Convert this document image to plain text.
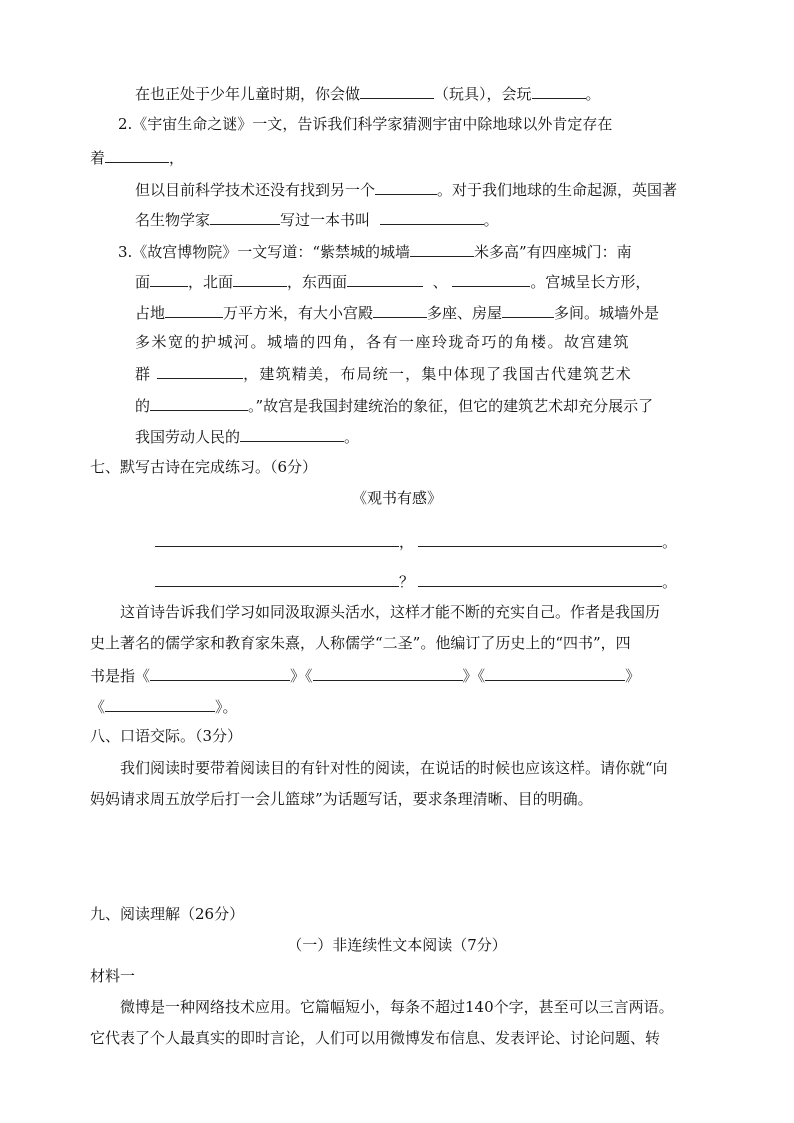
在也正处于少年儿童时期，你会做	（玩具），会玩	。
2.《宇宙生命之谜》一文，告诉我们科学家猜测宇宙中除地球以外肯定存在
着	，
但以目前科学技术还没有找到另一个	。对于我们地球的生命起源，英国著
名生物学家	写过一本书叫	。
3.《故宫博物院》一文写道：“紫禁城的城墙	米多高”有四座城门：南
面	，北面	，东西面	、	。宫城呈长方形，
占地	万平方米，有大小宫殿	多座、房屋	多间。城墙外是
多米宽的护城河。城墙的四角，各有一座玲珑奇巧的角楼。故宫建筑
群	，建筑精美，布局统一，集中体现了我国古代建筑艺术
的	。”故宫是我国封建统治的象征，但它的建筑艺术却充分展示了
我国劳动人民的	。
七、默写古诗在完成练习。（6分）
《观书有感》
，	。
？	。
这首诗告诉我们学习如同汲取源头活水，这样才能不断的充实自己。作者是我国历
史上著名的儒学家和教育家朱熹，人称儒学“二圣”。他编订了历史上的“四书”，四
书是指《	》《	》《	》
《	》。
八、口语交际。（3分）
我们阅读时要带着阅读目的有针对性的阅读，在说话的时候也应该这样。请你就“向
妈妈请求周五放学后打一会儿篮球”为话题写话，要求条理清晰、目的明确。
九、阅读理解（26分）
（一）非连续性文本阅读（7分）
材料一
微博是一种网络技术应用。它篇幅短小，每条不超过140个字，甚至可以三言两语。
它代表了个人最真实的即时言论，人们可以用微博发布信息、发表评论、讨论问题、转
